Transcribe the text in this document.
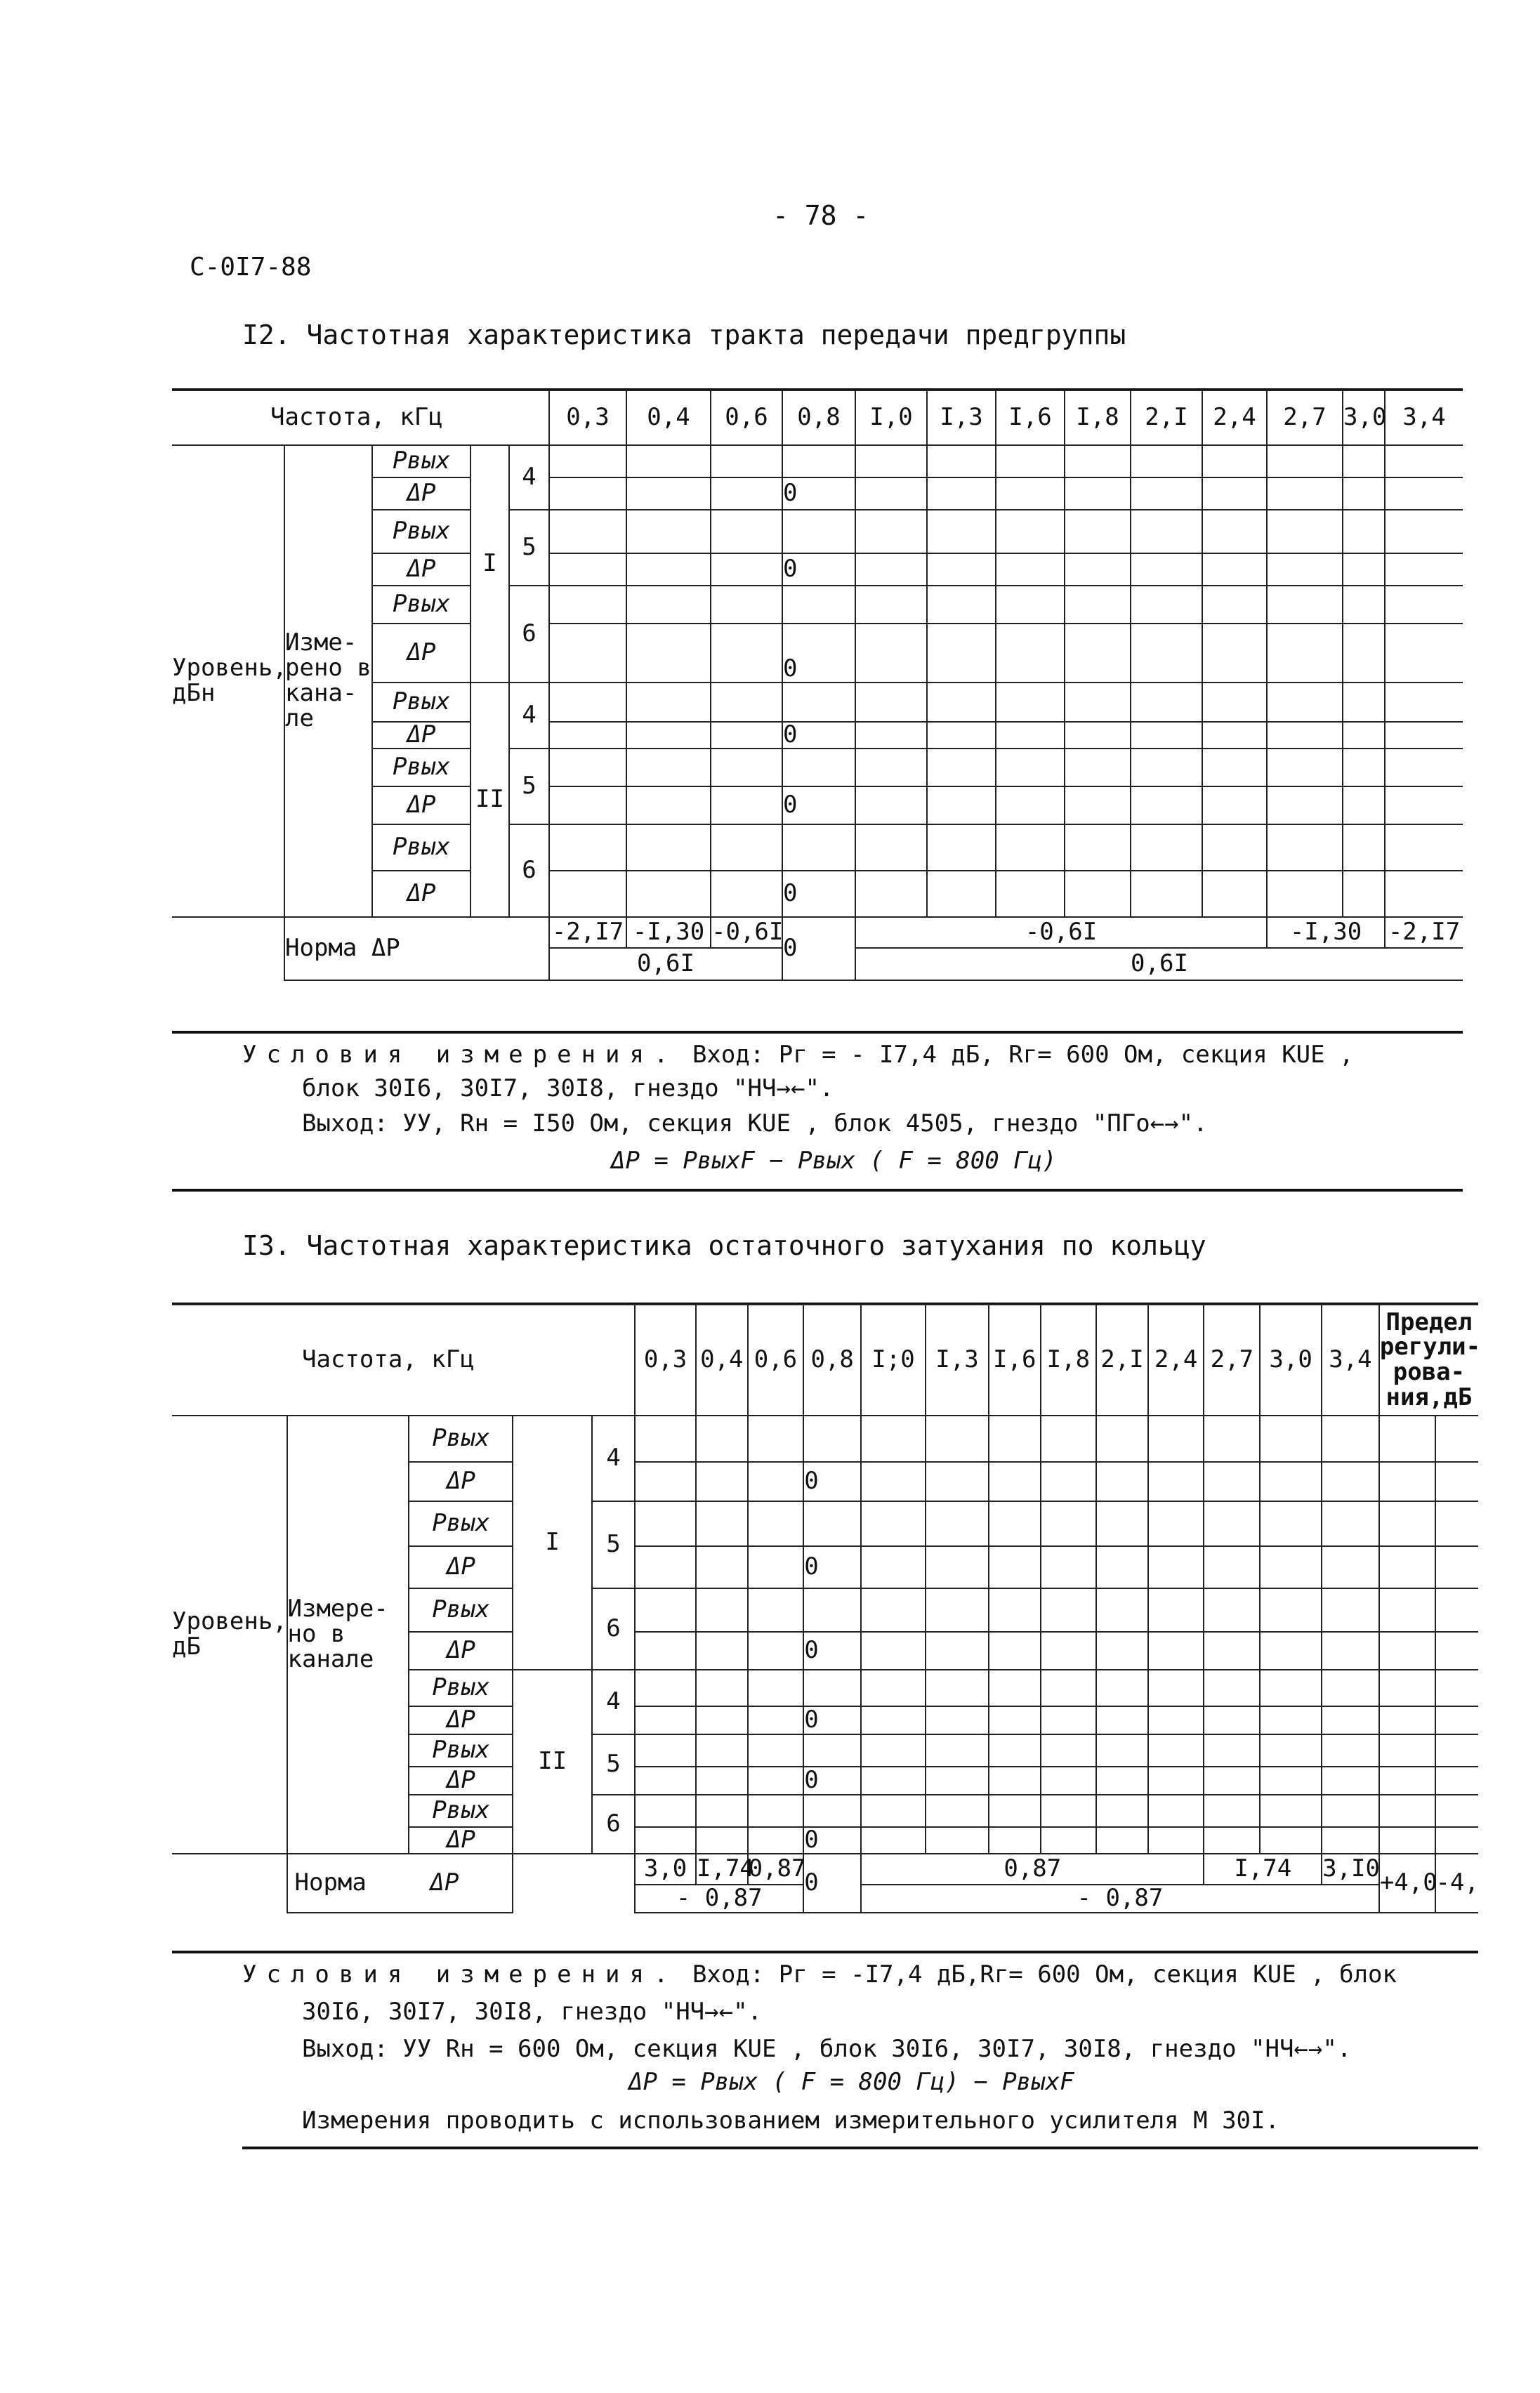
- 78 -
С-0I7-88
I2. Частотная характеристика тракта передачи предгруппы
Частота, кГц					0,3	0,4	0,6	0,8	I,0	I,3	I,6	I,8	2,I	2,4	2,7	3,0	3,4
Уровень, дБн	Изме- рено в кана- ле	Pвых	I	4													
		ΔP						0									
		Pвых		5													
		ΔP						0									
		Pвых		6													
		ΔP						0									
		Pвых	II	4													
		ΔP						0									
		Pвых		5													
		ΔP						0									
		Pвых		6													
		ΔP						0									
	Норма ΔP				-2,I7	-I,30	-0,6I	0	-0,6I						-I,30		-2,I7
					0,6I				0,6I								
Условия измерения. Вход: Pг = - I7,4 дБ, Rг= 600 Ом, секция KUE ,
блок 30I6, 30I7, 30I8, гнездо "НЧ→←".
Выход: УУ, Rн = I50 Ом, секция KUE , блок 4505, гнездо "ПГо←→".
ΔP = PвыхF − Pвых ( F = 800 Гц)
I3. Частотная характеристика остаточного затухания по кольцу
Частота, кГц					0,3	0,4	0,6	0,8	I;0	I,3	I,6	I,8	2,I	2,4	2,7	3,0	3,4	Предел регули- рова- ния,дБ	
Уровень, дБ	Измере- но в канале	Pвых	I	4															
		ΔP						0											
		Pвых		5															
		ΔP						0											
		Pвых		6															
		ΔP						0											
		Pвых	II	4															
		ΔP						0											
		Pвых		5															
		ΔP						0											
		Pвых		6															
		ΔP						0											
	Норма ΔP				3,0	I,74	0,87	0	0,87						I,74		3,I0	+4,0	-4,
					- 0,87				- 0,87										
Условия измерения. Вход: Pг = -I7,4 дБ,Rг= 600 Ом, секция KUE , блок
30I6, 30I7, 30I8, гнездо "НЧ→←".
Выход: УУ Rн = 600 Ом, секция KUE , блок 30I6, 30I7, 30I8, гнездо "НЧ←→".
ΔP = Pвых ( F = 800 Гц) − PвыхF
Измерения проводить с использованием измерительного усилителя М 30I.
